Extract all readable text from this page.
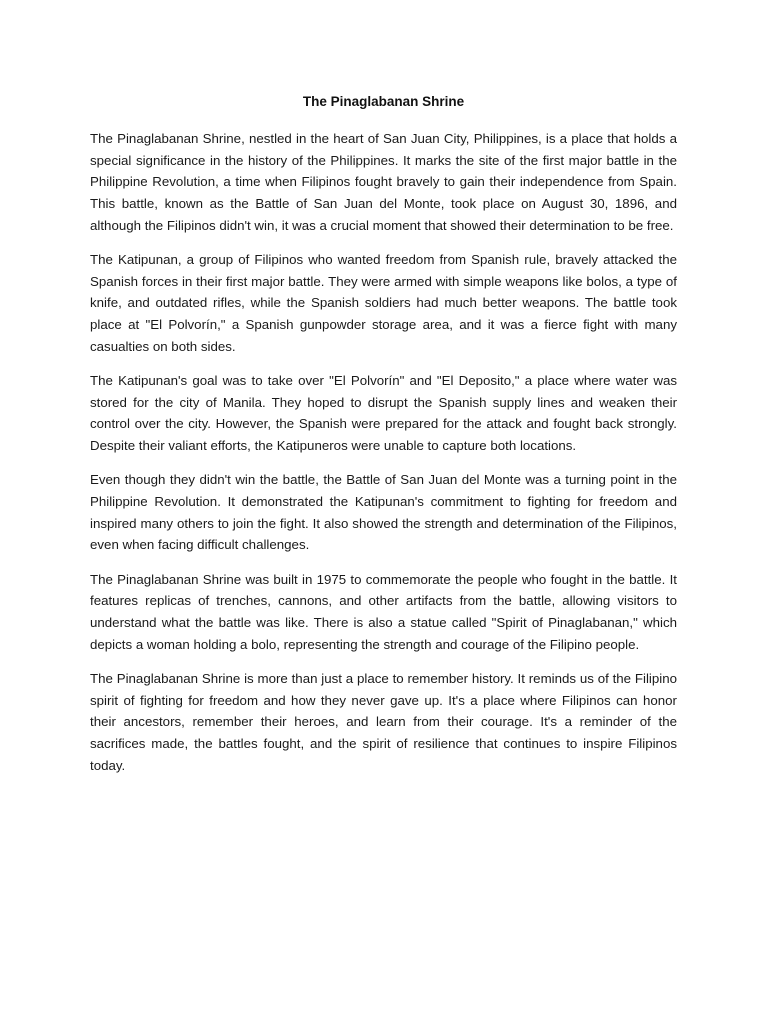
The Pinaglabanan Shrine

The Pinaglabanan Shrine, nestled in the heart of San Juan City, Philippines, is a place that holds a special significance in the history of the Philippines. It marks the site of the first major battle in the Philippine Revolution, a time when Filipinos fought bravely to gain their independence from Spain. This battle, known as the Battle of San Juan del Monte, took place on August 30, 1896, and although the Filipinos didn't win, it was a crucial moment that showed their determination to be free.

The Katipunan, a group of Filipinos who wanted freedom from Spanish rule, bravely attacked the Spanish forces in their first major battle. They were armed with simple weapons like bolos, a type of knife, and outdated rifles, while the Spanish soldiers had much better weapons. The battle took place at "El Polvorín," a Spanish gunpowder storage area, and it was a fierce fight with many casualties on both sides.

The Katipunan's goal was to take over "El Polvorín" and "El Deposito," a place where water was stored for the city of Manila. They hoped to disrupt the Spanish supply lines and weaken their control over the city. However, the Spanish were prepared for the attack and fought back strongly. Despite their valiant efforts, the Katipuneros were unable to capture both locations.

Even though they didn't win the battle, the Battle of San Juan del Monte was a turning point in the Philippine Revolution. It demonstrated the Katipunan's commitment to fighting for freedom and inspired many others to join the fight. It also showed the strength and determination of the Filipinos, even when facing difficult challenges.

The Pinaglabanan Shrine was built in 1975 to commemorate the people who fought in the battle. It features replicas of trenches, cannons, and other artifacts from the battle, allowing visitors to understand what the battle was like. There is also a statue called "Spirit of Pinaglabanan," which depicts a woman holding a bolo, representing the strength and courage of the Filipino people.

The Pinaglabanan Shrine is more than just a place to remember history. It reminds us of the Filipino spirit of fighting for freedom and how they never gave up. It's a place where Filipinos can honor their ancestors, remember their heroes, and learn from their courage. It's a reminder of the sacrifices made, the battles fought, and the spirit of resilience that continues to inspire Filipinos today.
